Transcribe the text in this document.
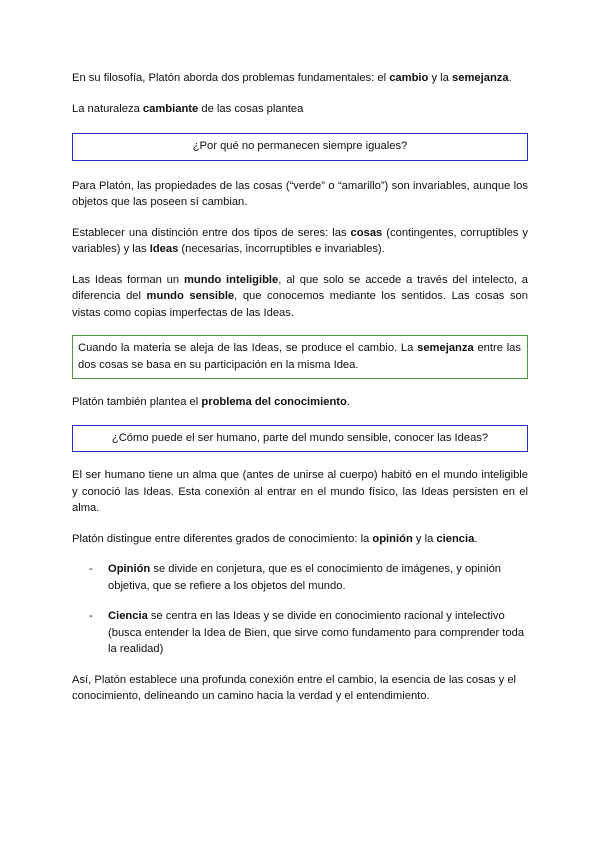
En su filosofía, Platón aborda dos problemas fundamentales: el cambio y la semejanza.

La naturaleza cambiante de las cosas plantea

¿Por qué no permanecen siempre iguales?

Para Platón, las propiedades de las cosas (“verde” o “amarillo”) son invariables, aunque los objetos que las poseen sí cambian.

Establecer una distinción entre dos tipos de seres: las cosas (contingentes, corruptibles y variables) y las Ideas (necesarias, incorruptibles e invariables).

Las Ideas forman un mundo inteligible, al que solo se accede a través del intelecto, a diferencia del mundo sensible, que conocemos mediante los sentidos. Las cosas son vistas como copias imperfectas de las Ideas.

Cuando la materia se aleja de las Ideas, se produce el cambio. La semejanza entre las dos cosas se basa en su participación en la misma Idea.

Platón también plantea el problema del conocimiento.

¿Cómo puede el ser humano, parte del mundo sensible, conocer las Ideas?

El ser humano tiene un alma que (antes de unirse al cuerpo) habitó en el mundo inteligible y conoció las Ideas. Esta conexión al entrar en el mundo físico, las Ideas persisten en el alma.

Platón distingue entre diferentes grados de conocimiento: la opinión y la ciencia.

- Opinión se divide en conjetura, que es el conocimiento de imágenes, y opinión objetiva, que se refiere a los objetos del mundo.
- Ciencia se centra en las Ideas y se divide en conocimiento racional y intelectivo (busca entender la Idea de Bien, que sirve como fundamento para comprender toda la realidad)

Así, Platón establece una profunda conexión entre el cambio, la esencia de las cosas y el conocimiento, delineando un camino hacia la verdad y el entendimiento.
